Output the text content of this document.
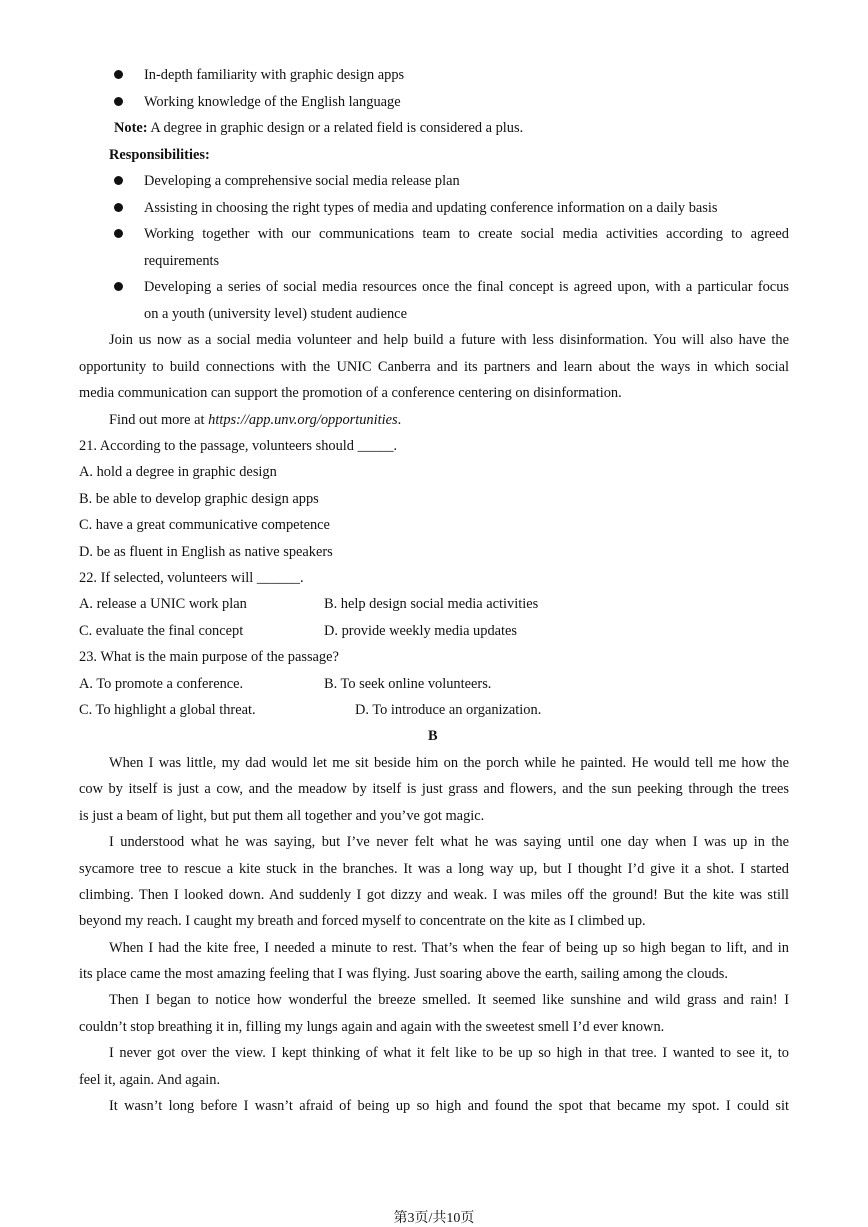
In-depth familiarity with graphic design apps
Working knowledge of the English language
Note: A degree in graphic design or a related field is considered a plus.
Responsibilities:
Developing a comprehensive social media release plan
Assisting in choosing the right types of media and updating conference information on a daily basis
Working together with our communications team to create social media activities according to agreed
requirements
Developing a series of social media resources once the final concept is agreed upon, with a particular focus
on a youth (university level) student audience
Join us now as a social media volunteer and help build a future with less disinformation. You will also have the
opportunity to build connections with the UNIC Canberra and its partners and learn about the ways in which social
media communication can support the promotion of a conference centering on disinformation.
Find out more at https://app.unv.org/opportunities.
21. According to the passage, volunteers should _____.
A. hold a degree in graphic design
B. be able to develop graphic design apps
C. have a great communicative competence
D. be as fluent in English as native speakers
22. If selected, volunteers will ______.
A. release a UNIC work plan	B. help design social media activities
C. evaluate the final concept	D. provide weekly media updates
23. What is the main purpose of the passage?
A. To promote a conference.	B. To seek online volunteers.
C. To highlight a global threat.	D. To introduce an organization.
B
When I was little, my dad would let me sit beside him on the porch while he painted. He would tell me how the
cow by itself is just a cow, and the meadow by itself is just grass and flowers, and the sun peeking through the trees
is just a beam of light, but put them all together and you’ve got magic.
I understood what he was saying, but I’ve never felt what he was saying until one day when I was up in the
sycamore tree to rescue a kite stuck in the branches. It was a long way up, but I thought I’d give it a shot. I started
climbing. Then I looked down. And suddenly I got dizzy and weak. I was miles off the ground! But the kite was still
beyond my reach. I caught my breath and forced myself to concentrate on the kite as I climbed up.
When I had the kite free, I needed a minute to rest. That’s when the fear of being up so high began to lift, and in
its place came the most amazing feeling that I was flying. Just soaring above the earth, sailing among the clouds.
Then I began to notice how wonderful the breeze smelled. It seemed like sunshine and wild grass and rain! I
couldn’t stop breathing it in, filling my lungs again and again with the sweetest smell I’d ever known.
I never got over the view. I kept thinking of what it felt like to be up so high in that tree. I wanted to see it, to
feel it, again. And again.
It wasn’t long before I wasn’t afraid of being up so high and found the spot that became my spot. I could sit
第3页/共10页
